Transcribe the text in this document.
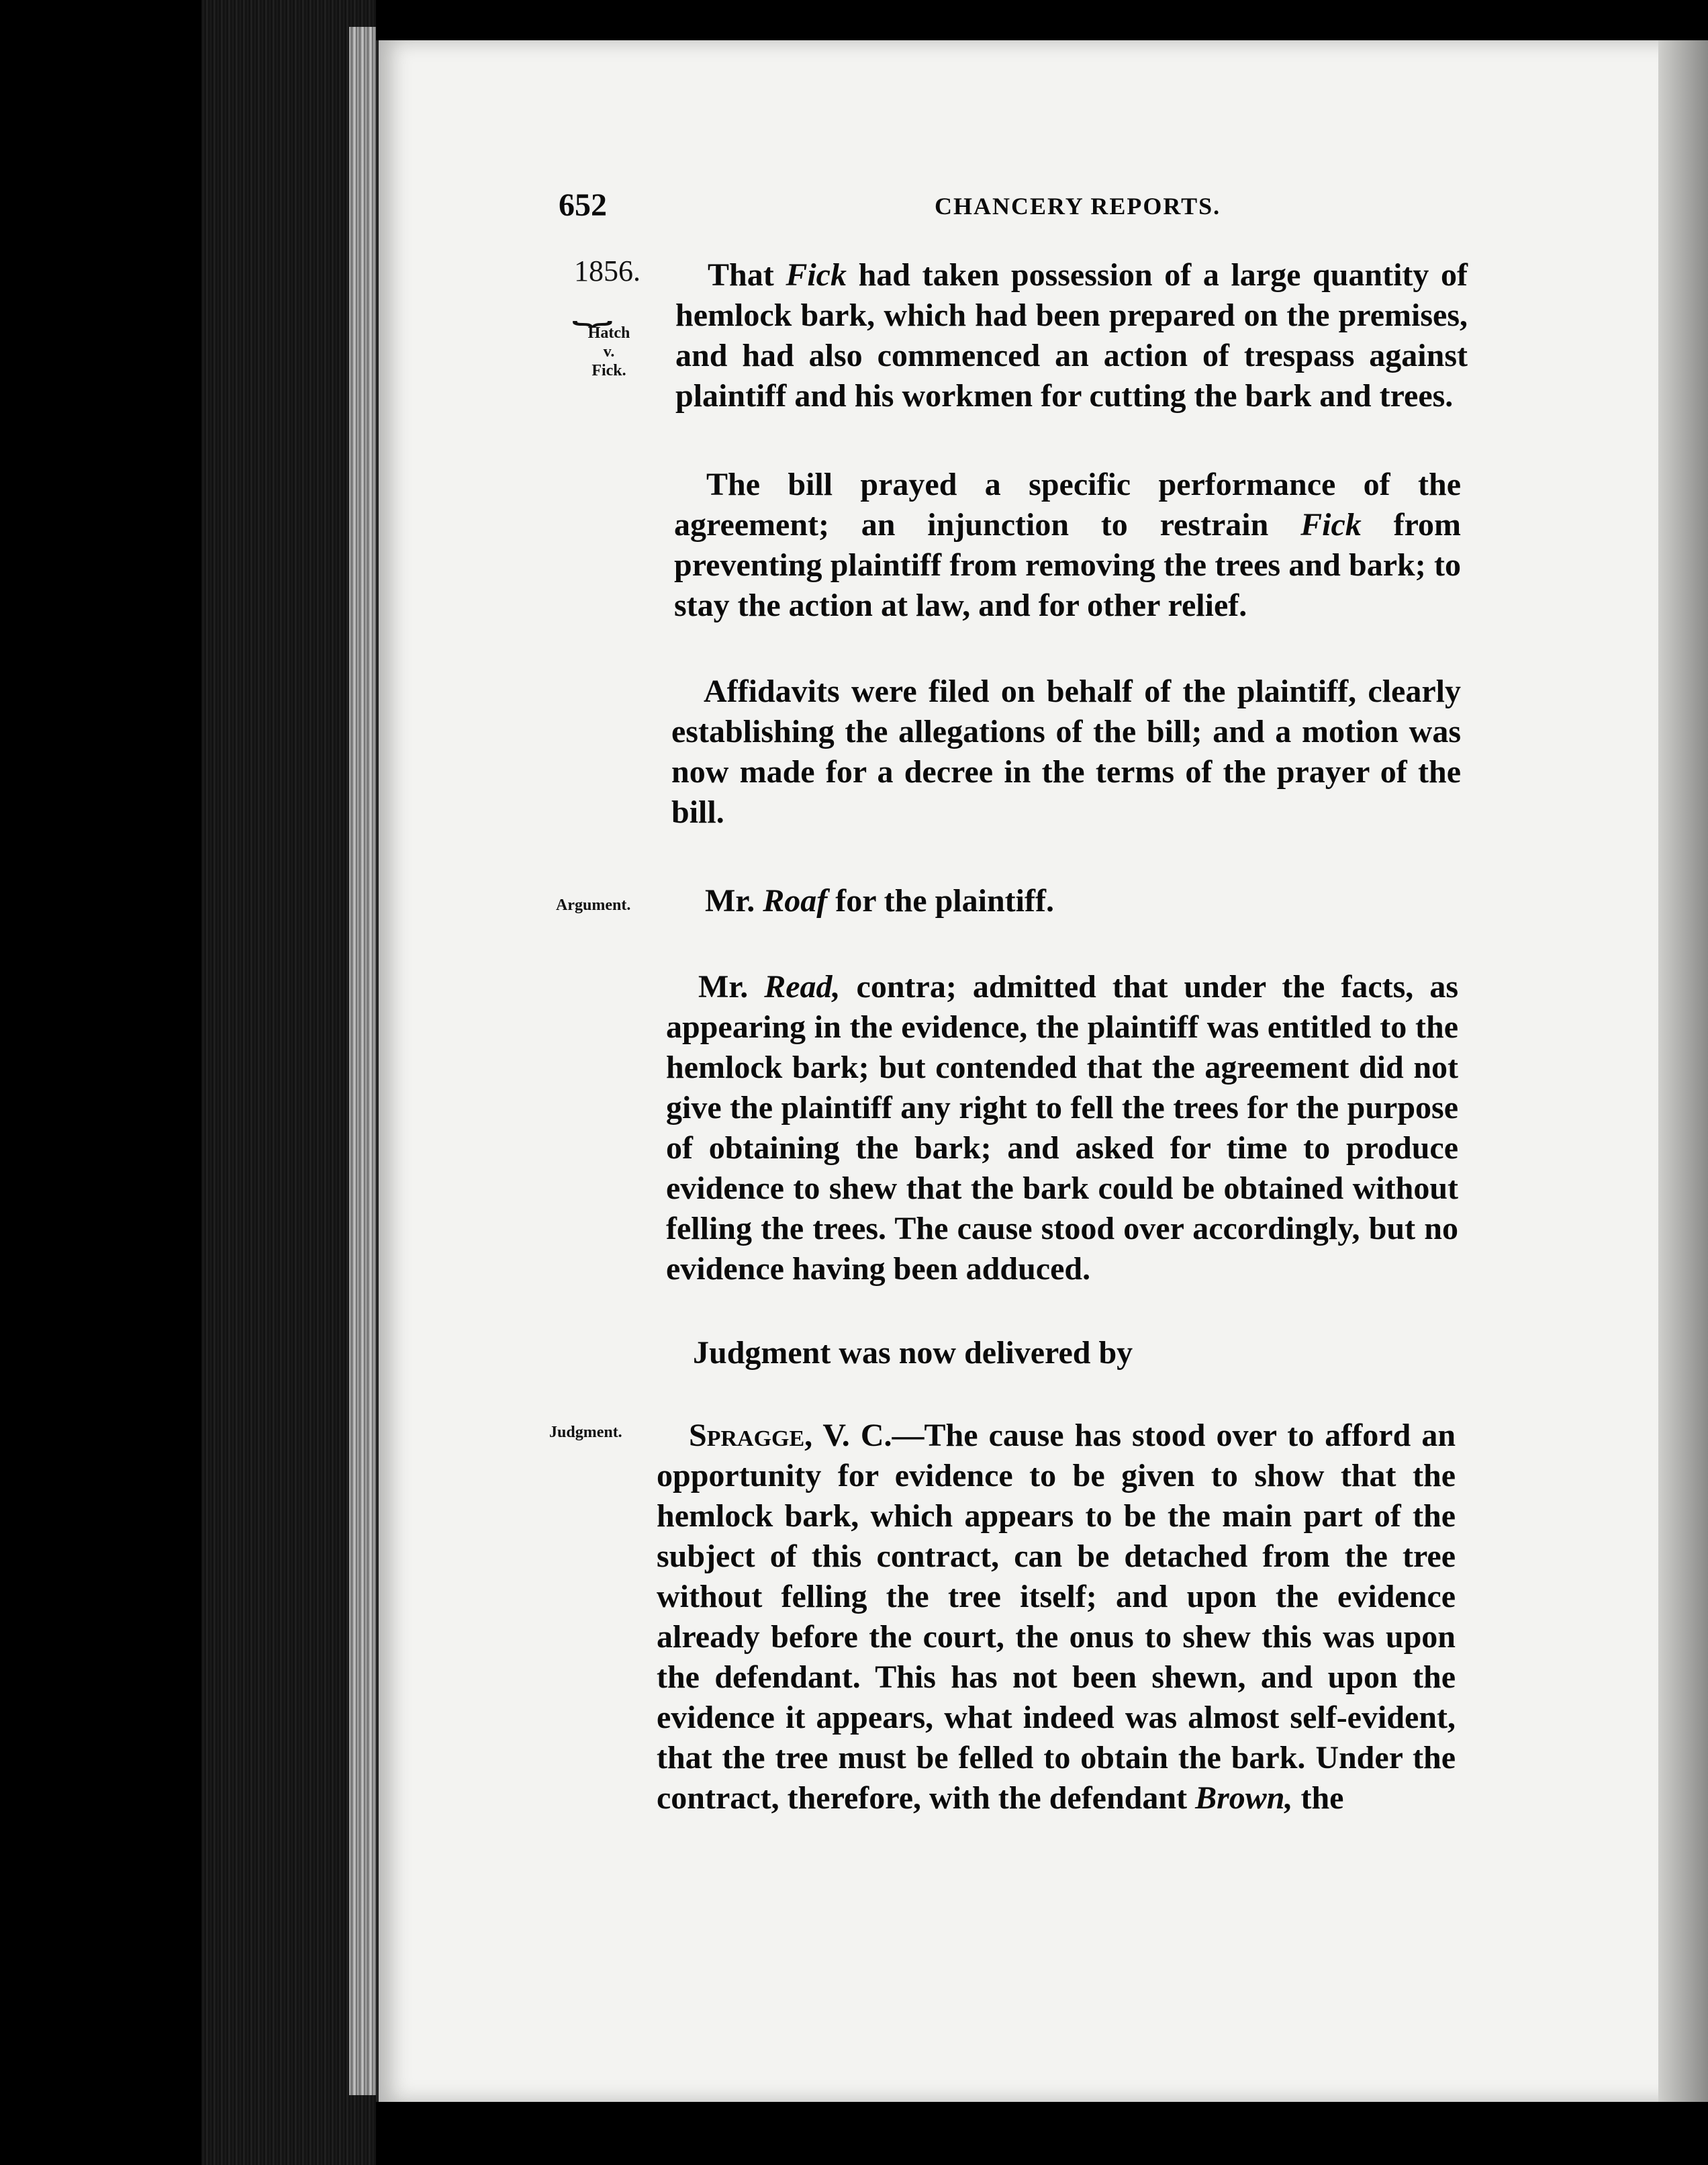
652	CHANCERY REPORTS.
1856.
⏟
Hatch
v.
Fick.
Argument.
Judgment.

That Fick had taken possession of a large quantity of hemlock bark, which had been prepared on the premises, and had also commenced an action of trespass against plaintiff and his workmen for cutting the bark and trees.

The bill prayed a specific performance of the agreement; an injunction to restrain Fick from preventing plaintiff from removing the trees and bark; to stay the action at law, and for other relief.

Affidavits were filed on behalf of the plaintiff, clearly establishing the allegations of the bill; and a motion was now made for a decree in the terms of the prayer of the bill.

Mr. Roaf for the plaintiff.

Mr. Read, contra; admitted that under the facts, as appearing in the evidence, the plaintiff was entitled to the hemlock bark; but contended that the agreement did not give the plaintiff any right to fell the trees for the purpose of obtaining the bark; and asked for time to produce evidence to shew that the bark could be obtained without felling the trees. The cause stood over accordingly, but no evidence having been adduced.

Judgment was now delivered by

Spragge, V. C.—The cause has stood over to afford an opportunity for evidence to be given to show that the hemlock bark, which appears to be the main part of the subject of this contract, can be detached from the tree without felling the tree itself; and upon the evidence already before the court, the onus to shew this was upon the defendant. This has not been shewn, and upon the evidence it appears, what indeed was almost self-evident, that the tree must be felled to obtain the bark. Under the contract, therefore, with the defendant Brown, the
